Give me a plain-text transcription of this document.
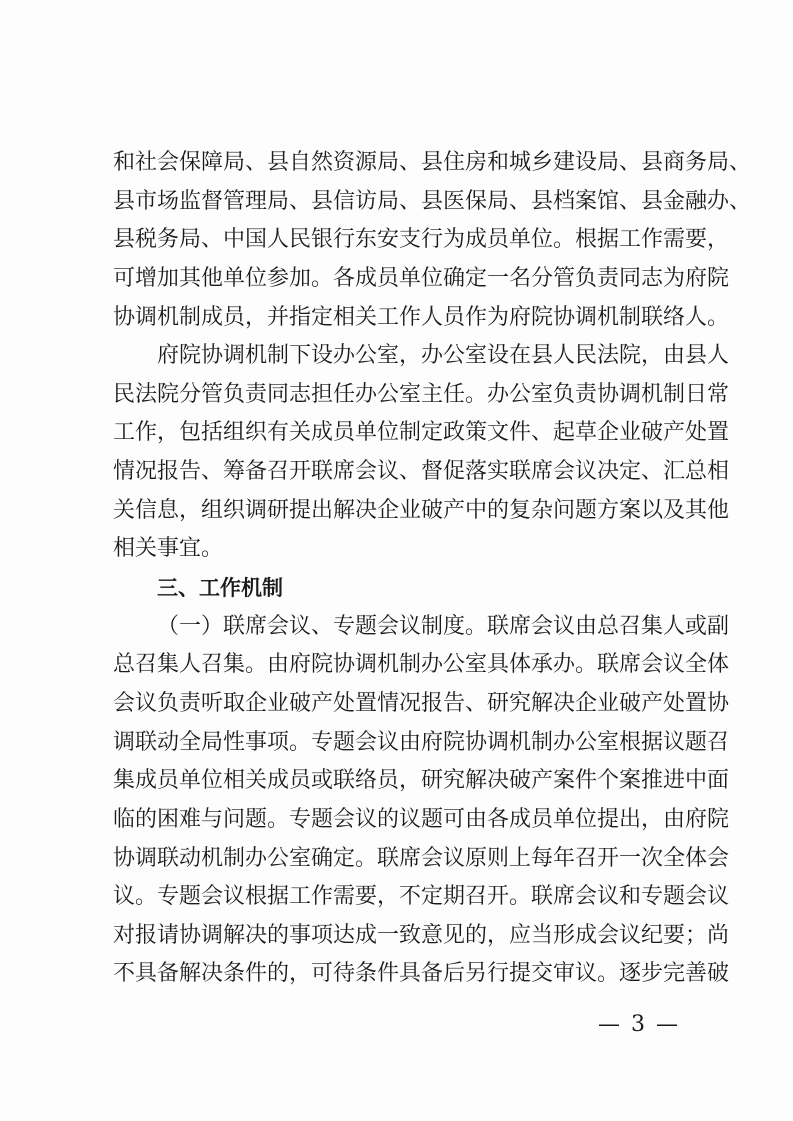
和社会保障局、县自然资源局、县住房和城乡建设局、县商务局、
县市场监督管理局、县信访局、县医保局、县档案馆、县金融办、
县税务局、中国人民银行东安支行为成员单位。根据工作需要，
可增加其他单位参加。各成员单位确定一名分管负责同志为府院
协调机制成员，并指定相关工作人员作为府院协调机制联络人。
府院协调机制下设办公室，办公室设在县人民法院，由县人
民法院分管负责同志担任办公室主任。办公室负责协调机制日常
工作，包括组织有关成员单位制定政策文件、起草企业破产处置
情况报告、筹备召开联席会议、督促落实联席会议决定、汇总相
关信息，组织调研提出解决企业破产中的复杂问题方案以及其他
相关事宜。
三、工作机制
（一）联席会议、专题会议制度。联席会议由总召集人或副
总召集人召集。由府院协调机制办公室具体承办。联席会议全体
会议负责听取企业破产处置情况报告、研究解决企业破产处置协
调联动全局性事项。专题会议由府院协调机制办公室根据议题召
集成员单位相关成员或联络员，研究解决破产案件个案推进中面
临的困难与问题。专题会议的议题可由各成员单位提出，由府院
协调联动机制办公室确定。联席会议原则上每年召开一次全体会
议。专题会议根据工作需要，不定期召开。联席会议和专题会议
对报请协调解决的事项达成一致意见的，应当形成会议纪要；尚
不具备解决条件的，可待条件具备后另行提交审议。逐步完善破
— 3 —
